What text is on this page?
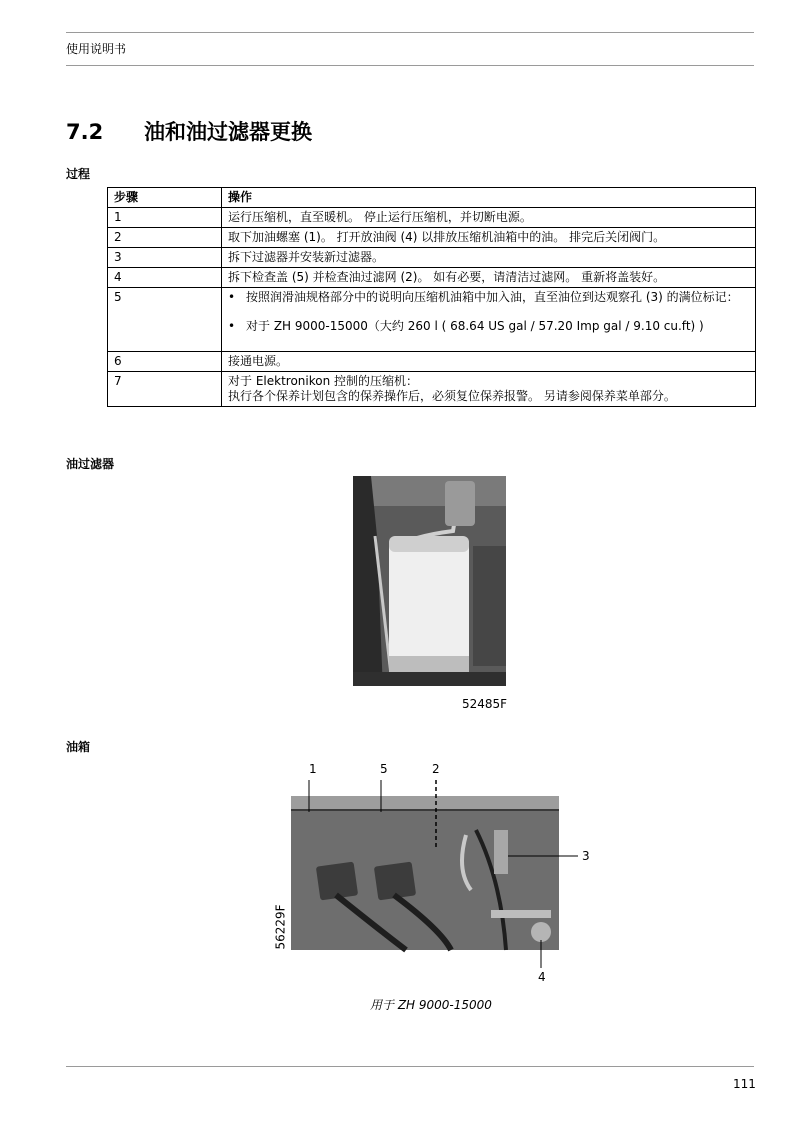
使用说明书
7.2 油和油过滤器更换
过程
步骤	操作
1	运行压缩机，直至暖机。 停止运行压缩机，并切断电源。
2	取下加油螺塞 (1)。 打开放油阀 (4) 以排放压缩机油箱中的油。 排完后关闭阀门。
3	拆下过滤器并安装新过滤器。
4	拆下检查盖 (5) 并检查油过滤网 (2)。 如有必要，请清洁过滤网。 重新将盖装好。
5	• 按照润滑油规格部分中的说明向压缩机油箱中加入油，直至油位到达观察孔 (3) 的满位标记：
• 对于 ZH 9000-15000（大约 260 l ( 68.64 US gal / 57.20 Imp gal / 9.10 cu.ft) )

6	接通电源。
7	对于 Elektronikon 控制的压缩机：
执行各个保养计划包含的保养操作后，必须复位保养报警。 另请参阅保养菜单部分。
油过滤器
52485F
油箱
1	5	2
3
4
56229F
用于 ZH 9000-15000
111
